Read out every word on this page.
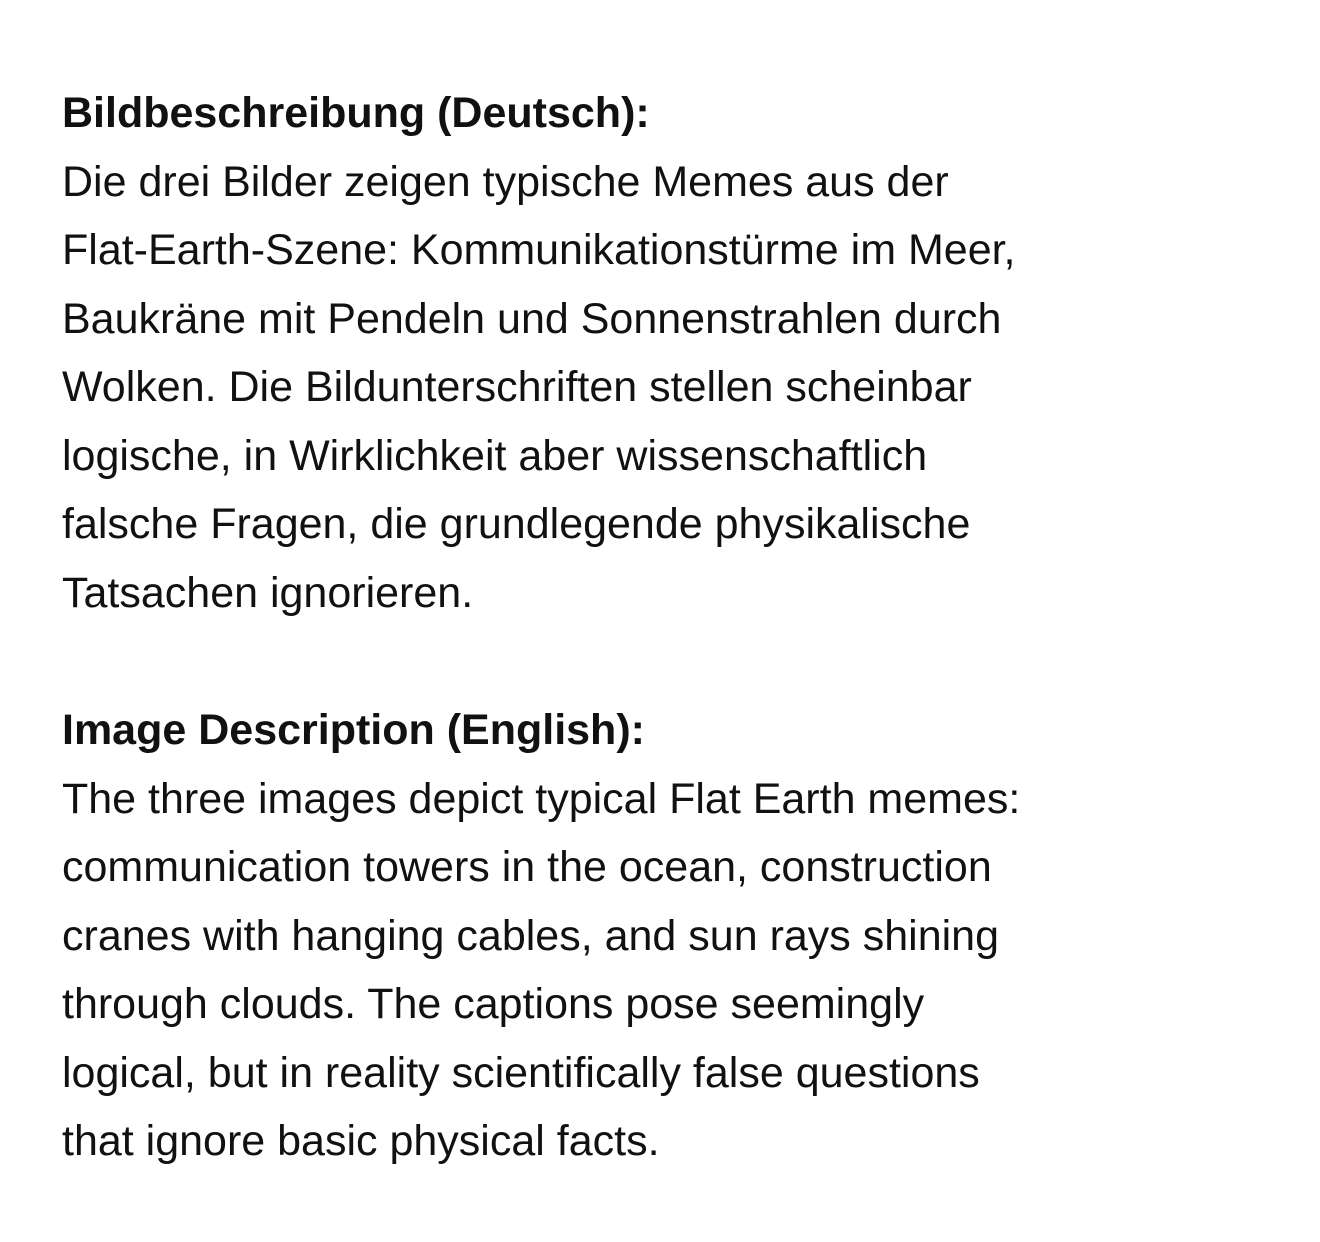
Bildbeschreibung (Deutsch):

Die drei Bilder zeigen typische Memes aus der

Flat-Earth-Szene: Kommunikationstürme im Meer,

Baukräne mit Pendeln und Sonnenstrahlen durch

Wolken. Die Bildunterschriften stellen scheinbar

logische, in Wirklichkeit aber wissenschaftlich

falsche Fragen, die grundlegende physikalische

Tatsachen ignorieren.

Image Description (English):

The three images depict typical Flat Earth memes:

communication towers in the ocean, construction

cranes with hanging cables, and sun rays shining

through clouds. The captions pose seemingly

logical, but in reality scientifically false questions

that ignore basic physical facts.
